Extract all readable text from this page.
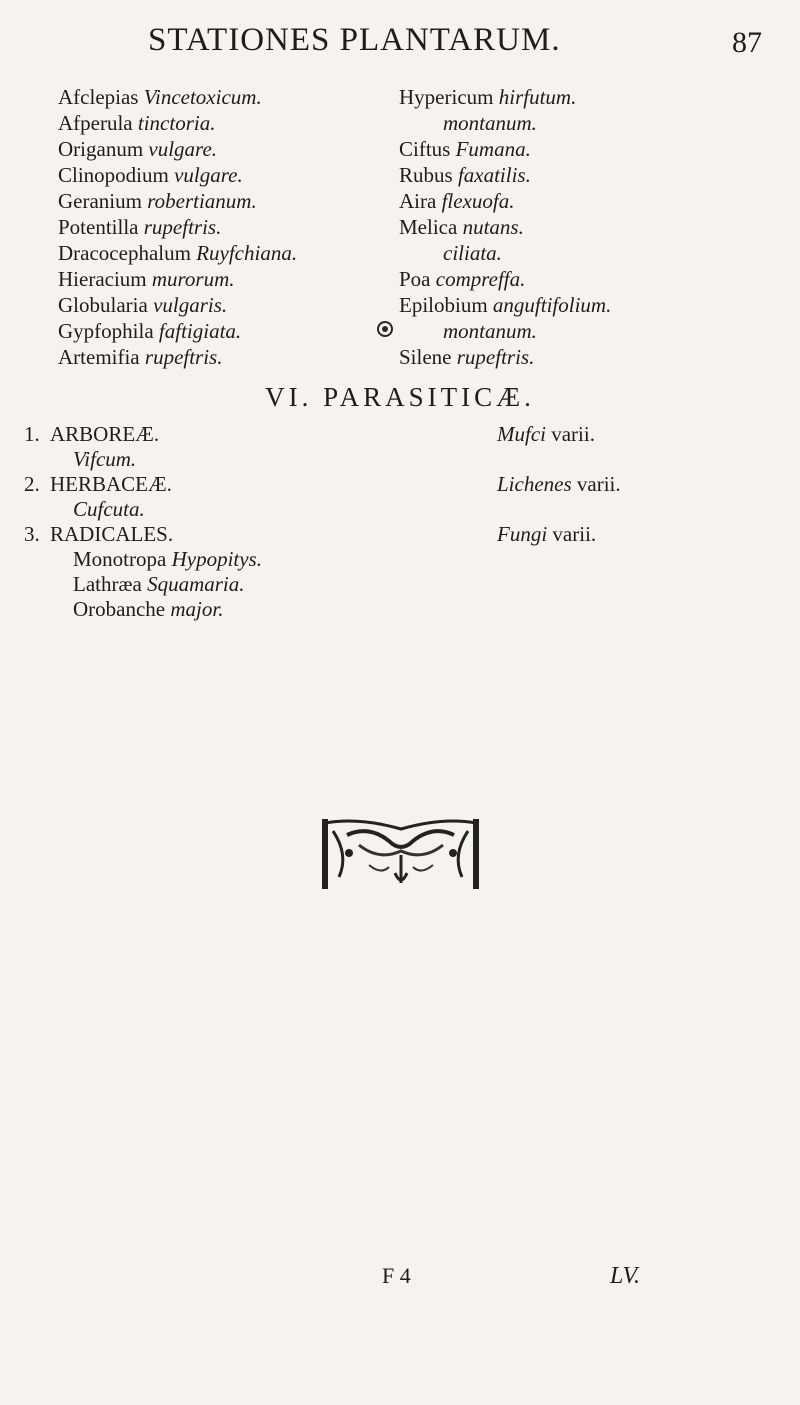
STATIONES PLANTARUM.	87
Afclepias Vincetoxicum.
Afperula tinctoria.
Origanum vulgare.
Clinopodium vulgare.
Geranium robertianum.
Potentilla rupeftris.
Dracocephalum Ruyfchiana.
Hieracium murorum.
Globularia vulgaris.
Gypfophila faftigiata.
Artemifia rupeftris.
Hypericum hirfutum.
montanum.
Ciftus Fumana.
Rubus faxatilis.
Aira flexuofa.
Melica nutans.
ciliata.
Poa compreffa.
Epilobium anguftifolium.
montanum.
Silene rupeftris.
VI. PARASITICÆ.
1. ARBOREÆ.	Mufci varii.
Vifcum.
2. HERBACEÆ.	Lichenes varii.
Cufcuta.
3. RADICALES.	Fungi varii.
Monotropa Hypopitys.
Lathræa Squamaria.
Orobanche major.
F 4	LV.
